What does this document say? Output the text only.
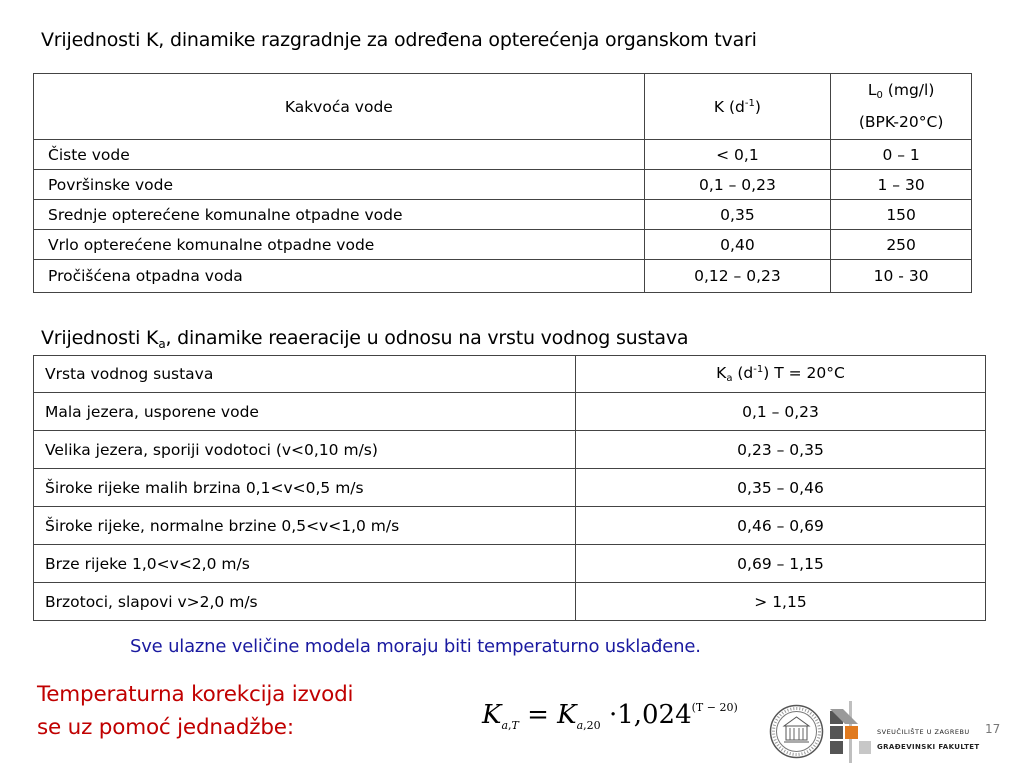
Vrijednosti K, dinamike razgradnje za određena opterećenja organskom tvari
Kakvoća vode	K $(d^{-1})$	$L_0$ (mg/l)
(BPK-20°C)

Čiste vode	< 0,1	0 – 1
Površinske vode	0,1 – 0,23	1 – 30
Srednje opterećene komunalne otpadne vode	0,35	150
Vrlo opterećene komunalne otpadne vode	0,40	250
Pročišćena otpadna voda	0,12 – 0,23	10 - 30
Vrijednosti $K_a$, dinamike reaeracije u odnosu na vrstu vodnog sustava
Vrsta vodnog sustava	$K_a$ $(d^{-1}) T = 20^\circ C$
Mala jezera, usporene vode	0,1 – 0,23
Velika jezera, sporiji vodotoci (v<0,10 m/s)	0,23 – 0,35
Široke rijeke malih brzina 0,1<v<0,5 m/s	0,35 – 0,46
Široke rijeke, normalne brzine 0,5<v<1,0 m/s	0,46 – 0,69
Brze rijeke 1,0<v<2,0 m/s	0,69 – 1,15
Brzotoci, slapovi v>2,0 m/s	> 1,15
Sve ulazne veličine modela moraju biti temperaturno usklađene.
Temperaturna korekcija izvodi
se uz pomoć jednadžbe:	$K_{a,T} = K_{a,20} \cdot 1,024^{(T - 20)}$
SVEUČILIŠTE U ZAGREBU
GRAĐEVINSKI FAKULTET
17
